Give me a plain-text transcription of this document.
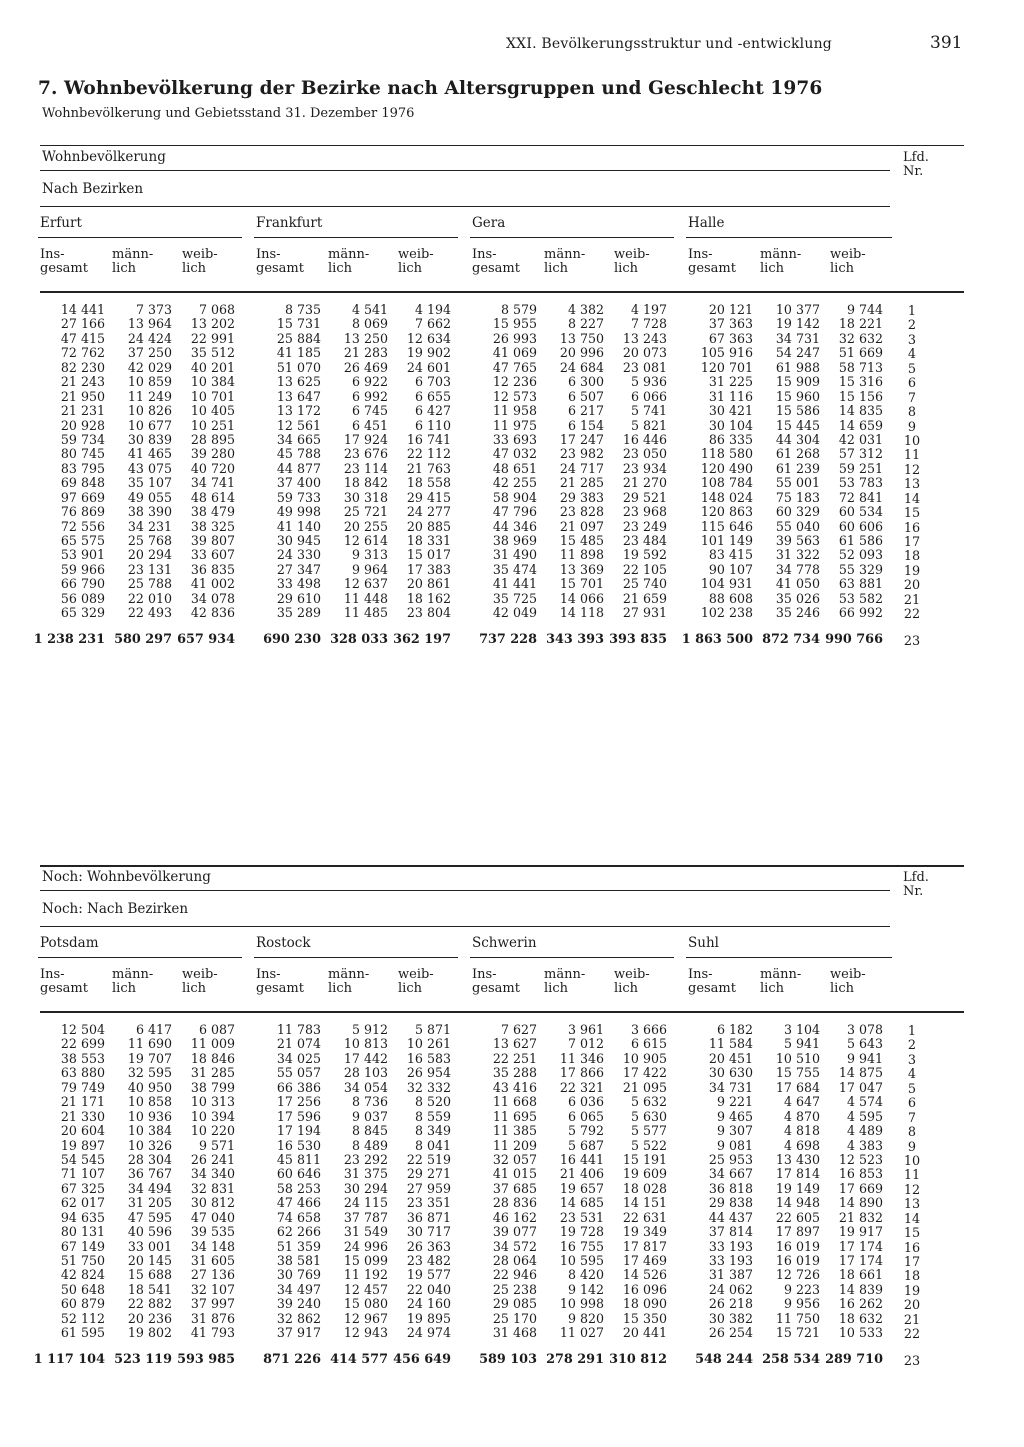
XXI. Bevölkerungsstruktur und -entwicklung	391
7. Wohnbevölkerung der Bezirke nach Altersgruppen und Geschlecht 1976
Wohnbevölkerung und Gebietsstand 31. Dezember 1976
Wohnbevölkerung
Nach Bezirken
Lfd.
Nr.
Erfurt
Ins-
gesamt
männ-
lich
weib-
lich
14 441
27 166
47 415
72 762
82 230
21 243
21 950
21 231
20 928
59 734
80 745
83 795
69 848
97 669
76 869
72 556
65 575
53 901
59 966
66 790
56 089
65 329
1 238 231
7 373
13 964
24 424
37 250
42 029
10 859
11 249
10 826
10 677
30 839
41 465
43 075
35 107
49 055
38 390
34 231
25 768
20 294
23 131
25 788
22 010
22 493
580 297
7 068
13 202
22 991
35 512
40 201
10 384
10 701
10 405
10 251
28 895
39 280
40 720
34 741
48 614
38 479
38 325
39 807
33 607
36 835
41 002
34 078
42 836
657 934
Frankfurt
Ins-
gesamt
männ-
lich
weib-
lich
8 735
15 731
25 884
41 185
51 070
13 625
13 647
13 172
12 561
34 665
45 788
44 877
37 400
59 733
49 998
41 140
30 945
24 330
27 347
33 498
29 610
35 289
690 230
4 541
8 069
13 250
21 283
26 469
6 922
6 992
6 745
6 451
17 924
23 676
23 114
18 842
30 318
25 721
20 255
12 614
9 313
9 964
12 637
11 448
11 485
328 033
4 194
7 662
12 634
19 902
24 601
6 703
6 655
6 427
6 110
16 741
22 112
21 763
18 558
29 415
24 277
20 885
18 331
15 017
17 383
20 861
18 162
23 804
362 197
Gera
Ins-
gesamt
männ-
lich
weib-
lich
8 579
15 955
26 993
41 069
47 765
12 236
12 573
11 958
11 975
33 693
47 032
48 651
42 255
58 904
47 796
44 346
38 969
31 490
35 474
41 441
35 725
42 049
737 228
4 382
8 227
13 750
20 996
24 684
6 300
6 507
6 217
6 154
17 247
23 982
24 717
21 285
29 383
23 828
21 097
15 485
11 898
13 369
15 701
14 066
14 118
343 393
4 197
7 728
13 243
20 073
23 081
5 936
6 066
5 741
5 821
16 446
23 050
23 934
21 270
29 521
23 968
23 249
23 484
19 592
22 105
25 740
21 659
27 931
393 835
Halle
Ins-
gesamt
männ-
lich
weib-
lich
20 121
37 363
67 363
105 916
120 701
31 225
31 116
30 421
30 104
86 335
118 580
120 490
108 784
148 024
120 863
115 646
101 149
83 415
90 107
104 931
88 608
102 238
1 863 500
10 377
19 142
34 731
54 247
61 988
15 909
15 960
15 586
15 445
44 304
61 268
61 239
55 001
75 183
60 329
55 040
39 563
31 322
34 778
41 050
35 026
35 246
872 734
9 744
18 221
32 632
51 669
58 713
15 316
15 156
14 835
14 659
42 031
57 312
59 251
53 783
72 841
60 534
60 606
61 586
52 093
55 329
63 881
53 582
66 992
990 766
1
2
3
4
5
6
7
8
9
10
11
12
13
14
15
16
17
18
19
20
21
22
23
Noch: Wohnbevölkerung
Noch: Nach Bezirken
Lfd.
Nr.
Potsdam
Ins-
gesamt
männ-
lich
weib-
lich
12 504
22 699
38 553
63 880
79 749
21 171
21 330
20 604
19 897
54 545
71 107
67 325
62 017
94 635
80 131
67 149
51 750
42 824
50 648
60 879
52 112
61 595
1 117 104
6 417
11 690
19 707
32 595
40 950
10 858
10 936
10 384
10 326
28 304
36 767
34 494
31 205
47 595
40 596
33 001
20 145
15 688
18 541
22 882
20 236
19 802
523 119
6 087
11 009
18 846
31 285
38 799
10 313
10 394
10 220
9 571
26 241
34 340
32 831
30 812
47 040
39 535
34 148
31 605
27 136
32 107
37 997
31 876
41 793
593 985
Rostock
Ins-
gesamt
männ-
lich
weib-
lich
11 783
21 074
34 025
55 057
66 386
17 256
17 596
17 194
16 530
45 811
60 646
58 253
47 466
74 658
62 266
51 359
38 581
30 769
34 497
39 240
32 862
37 917
871 226
5 912
10 813
17 442
28 103
34 054
8 736
9 037
8 845
8 489
23 292
31 375
30 294
24 115
37 787
31 549
24 996
15 099
11 192
12 457
15 080
12 967
12 943
414 577
5 871
10 261
16 583
26 954
32 332
8 520
8 559
8 349
8 041
22 519
29 271
27 959
23 351
36 871
30 717
26 363
23 482
19 577
22 040
24 160
19 895
24 974
456 649
Schwerin
Ins-
gesamt
männ-
lich
weib-
lich
7 627
13 627
22 251
35 288
43 416
11 668
11 695
11 385
11 209
32 057
41 015
37 685
28 836
46 162
39 077
34 572
28 064
22 946
25 238
29 085
25 170
31 468
589 103
3 961
7 012
11 346
17 866
22 321
6 036
6 065
5 792
5 687
16 441
21 406
19 657
14 685
23 531
19 728
16 755
10 595
8 420
9 142
10 998
9 820
11 027
278 291
3 666
6 615
10 905
17 422
21 095
5 632
5 630
5 577
5 522
15 191
19 609
18 028
14 151
22 631
19 349
17 817
17 469
14 526
16 096
18 090
15 350
20 441
310 812
Suhl
Ins-
gesamt
männ-
lich
weib-
lich
6 182
11 584
20 451
30 630
34 731
9 221
9 465
9 307
9 081
25 953
34 667
36 818
29 838
44 437
37 814
33 193
33 193
31 387
24 062
26 218
30 382
26 254
548 244
3 104
5 941
10 510
15 755
17 684
4 647
4 870
4 818
4 698
13 430
17 814
19 149
14 948
22 605
17 897
16 019
16 019
12 726
9 223
9 956
11 750
15 721
258 534
3 078
5 643
9 941
14 875
17 047
4 574
4 595
4 489
4 383
12 523
16 853
17 669
14 890
21 832
19 917
17 174
17 174
18 661
14 839
16 262
18 632
10 533
289 710
1
2
3
4
5
6
7
8
9
10
11
12
13
14
15
16
17
18
19
20
21
22
23
